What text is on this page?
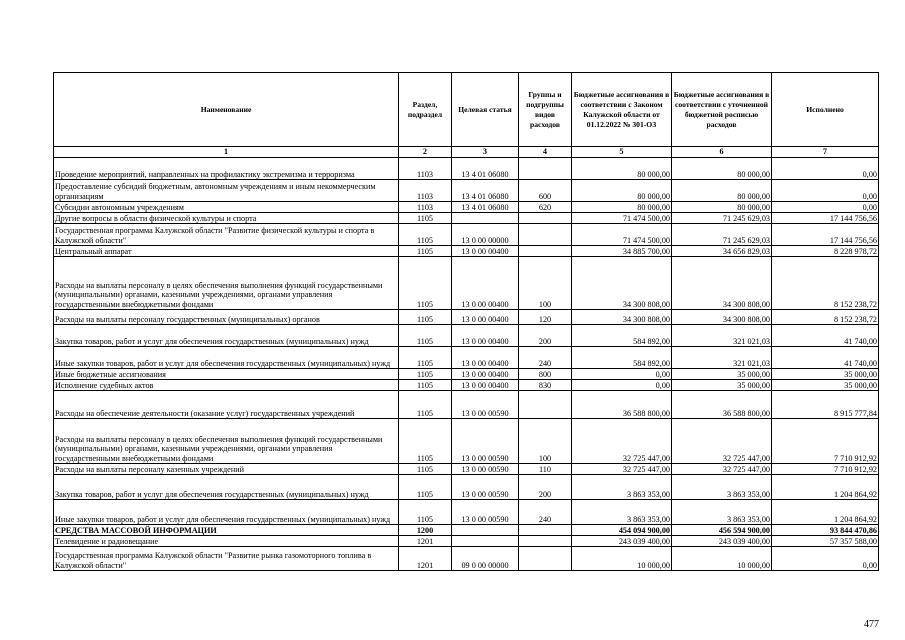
Наименование	Раздел, подраздел	Целевая статья	Группы и подгруппы видов расходов	Бюджетные ассигнования в соответствии с Законом Калужской области от 01.12.2022 № 301-ОЗ	Бюджетные ассигнования в соответствии с уточненной бюджетной росписью расходов	Исполнено
1	2	3	4	5	6	7
Проведение мероприятий, направленных на профилактику экстремизма и терроризма	1103	13 4 01 06080		80 000,00	80 000,00	0,00
Предоставление субсидий бюджетным, автономным учреждениям и иным некоммерческим организациям	1103	13 4 01 06080	600	80 000,00	80 000,00	0,00
Субсидии автономным учреждениям	1103	13 4 01 06080	620	80 000,00	80 000,00	0,00
Другие вопросы в области физической культуры и спорта	1105			71 474 500,00	71 245 629,03	17 144 756,56
Государственная программа Калужской области "Развитие физической культуры и спорта в Калужской области"	1105	13 0 00 00000		71 474 500,00	71 245 629,03	17 144 756,56
Центральный аппарат	1105	13 0 00 00400		34 885 700,00	34 656 829,03	8 228 978,72
Расходы на выплаты персоналу в целях обеспечения выполнения функций государственными (муниципальными) органами, казенными учреждениями, органами управления государственными внебюджетными фондами	1105	13 0 00 00400	100	34 300 808,00	34 300 808,00	8 152 238,72
Расходы на выплаты персоналу государственных (муниципальных) органов	1105	13 0 00 00400	120	34 300 808,00	34 300 808,00	8 152 238,72
Закупка товаров, работ и услуг для обеспечения государственных (муниципальных) нужд	1105	13 0 00 00400	200	584 892,00	321 021,03	41 740,00
Иные закупки товаров, работ и услуг для обеспечения государственных (муниципальных) нужд	1105	13 0 00 00400	240	584 892,00	321 021,03	41 740,00
Иные бюджетные ассигнования	1105	13 0 00 00400	800	0,00	35 000,00	35 000,00
Исполнение судебных актов	1105	13 0 00 00400	830	0,00	35 000,00	35 000,00
Расходы на обеспечение деятельности (оказание услуг) государственных учреждений	1105	13 0 00 00590		36 588 800,00	36 588 800,00	8 915 777,84
Расходы на выплаты персоналу в целях обеспечения выполнения функций государственными (муниципальными) органами, казенными учреждениями, органами управления государственными внебюджетными фондами	1105	13 0 00 00590	100	32 725 447,00	32 725 447,00	7 710 912,92
Расходы на выплаты персоналу казенных учреждений	1105	13 0 00 00590	110	32 725 447,00	32 725 447,00	7 710 912,92
Закупка товаров, работ и услуг для обеспечения государственных (муниципальных) нужд	1105	13 0 00 00590	200	3 863 353,00	3 863 353,00	1 204 864,92
Иные закупки товаров, работ и услуг для обеспечения государственных (муниципальных) нужд	1105	13 0 00 00590	240	3 863 353,00	3 863 353,00	1 204 864,92
СРЕДСТВА МАССОВОЙ ИНФОРМАЦИИ	1200			454 094 900,00	456 594 900,00	93 844 470,86
Телевидение и радиовещание	1201			243 039 400,00	243 039 400,00	57 357 588,00
Государственная программа Калужской области "Развитие рынка газомоторного топлива в Калужской области"	1201	09 0 00 00000		10 000,00	10 000,00	0,00
477
